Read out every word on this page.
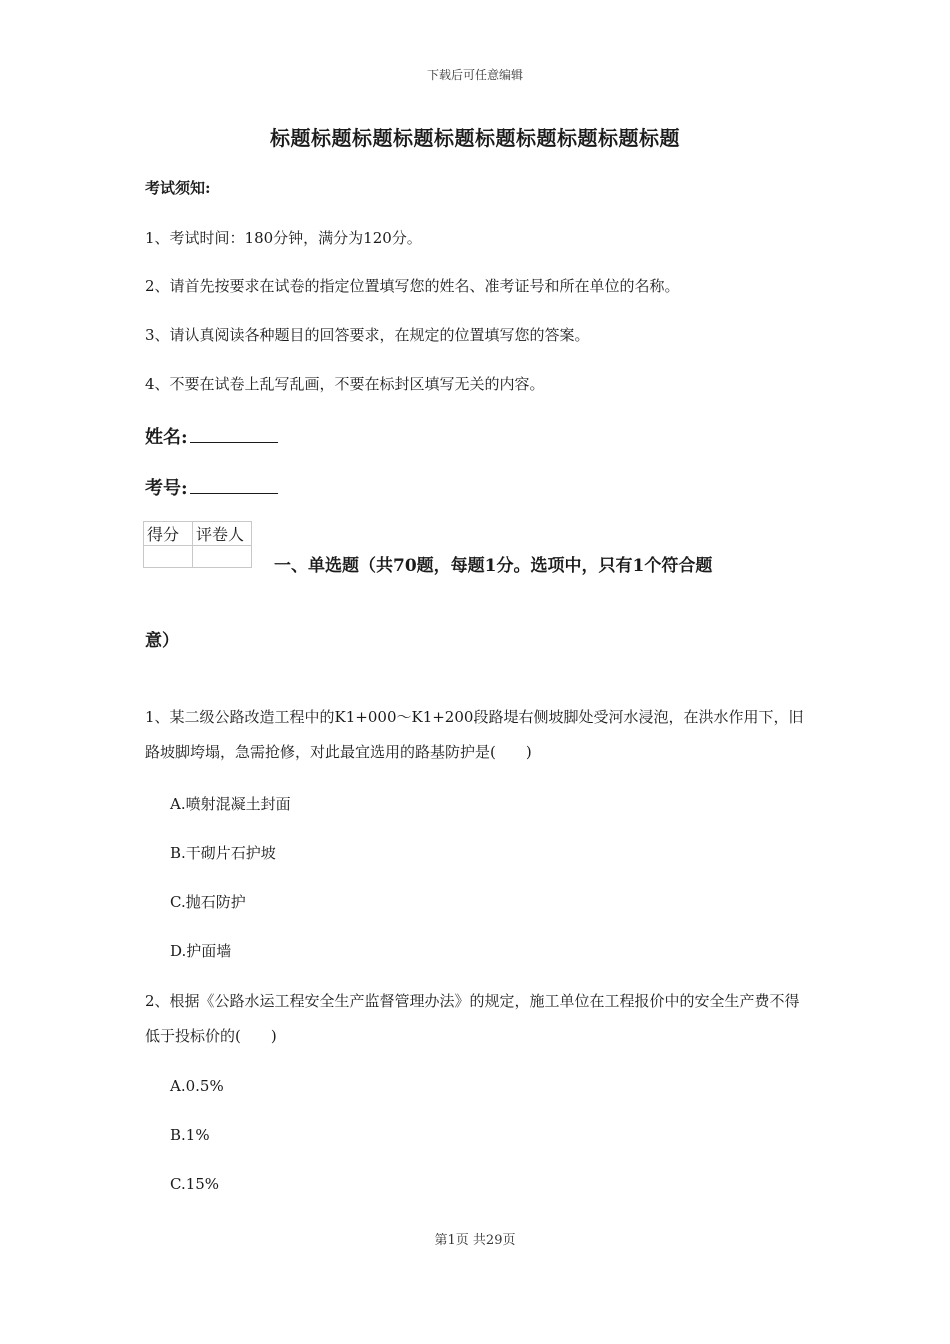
下载后可任意编辑
标题标题标题标题标题标题标题标题标题标题
考试须知:
1、考试时间：180分钟，满分为120分。
2、请首先按要求在试卷的指定位置填写您的姓名、准考证号和所在单位的名称。
3、请认真阅读各种题目的回答要求，在规定的位置填写您的答案。
4、不要在试卷上乱写乱画，不要在标封区填写无关的内容。
姓名:
考号:
得分	评卷人

一、单选题（共70题，每题1分。选项中，只有1个符合题
意）
1、某二级公路改造工程中的K1+000～K1+200段路堤右侧坡脚处受河水浸泡，在洪水作用下，旧路坡脚垮塌，急需抢修，对此最宜选用的路基防护是(　　)
A.喷射混凝土封面
B.干砌片石护坡
C.抛石防护
D.护面墙
2、根据《公路水运工程安全生产监督管理办法》的规定，施工单位在工程报价中的安全生产费不得低于投标价的(　　)
A.0.5%
B.1%
C.15%
第1页 共29页
